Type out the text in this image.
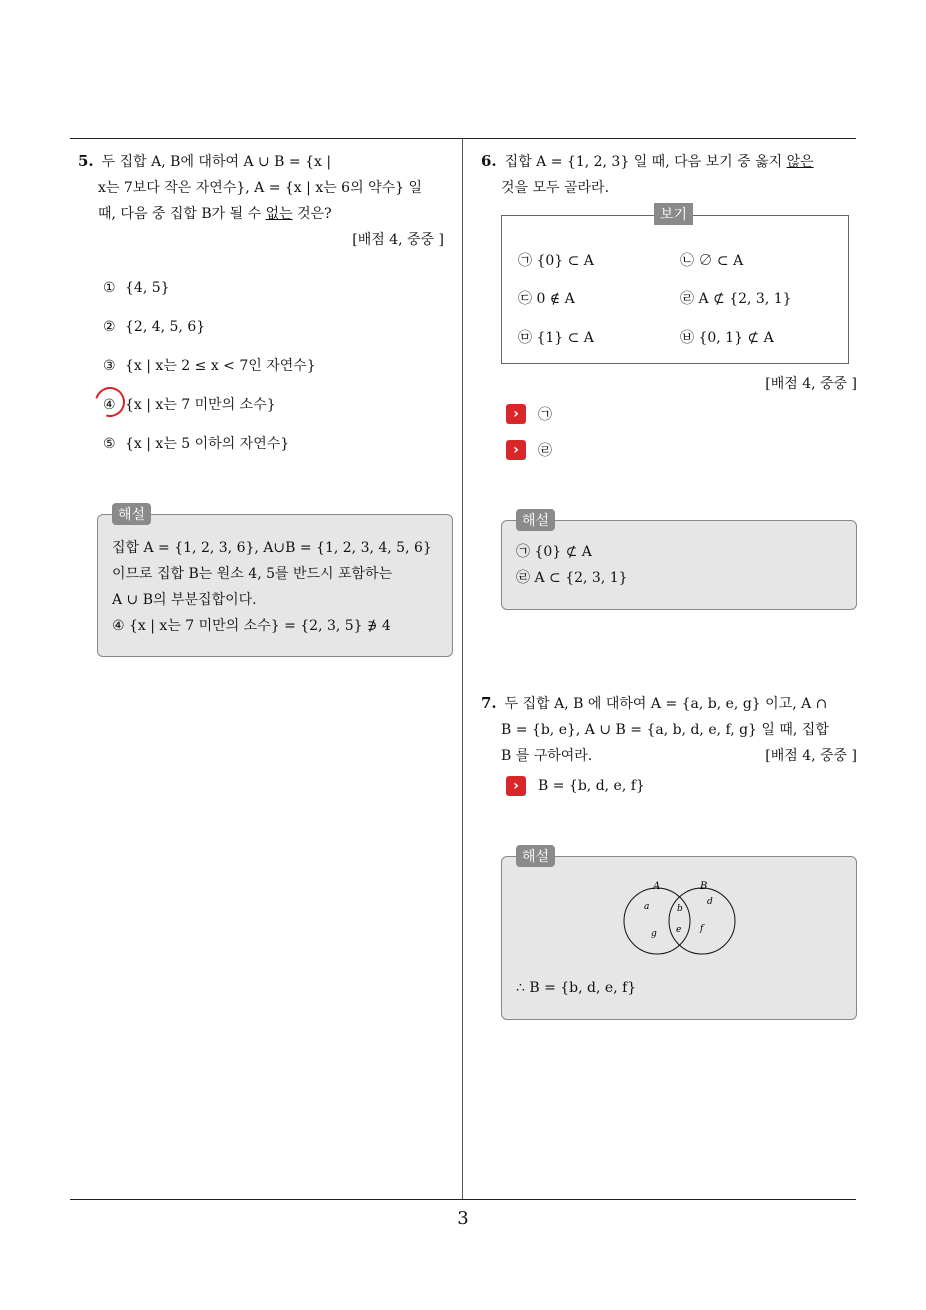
3
5. 두 집합 A, B에 대하여 A ∪ B = {x |
x는 7보다 작은 자연수}, A = {x | x는 6의 약수} 일
때, 다음 중 집합 B가 될 수 없는 것은?
[배점 4, 중중 ]
① {4, 5}
② {2, 4, 5, 6}
③ {x | x는 2 ≤ x < 7인 자연수}
④ {x | x는 7 미만의 소수}
⑤ {x | x는 5 이하의 자연수}
집합 A = {1, 2, 3, 6}, A∪B = {1, 2, 3, 4, 5, 6}
이므로 집합 B는 원소 4, 5를 반드시 포함하는
A ∪ B의 부분집합이다.
④ {x | x는 7 미만의 소수} = {2, 3, 5} ∌ 4
해설
6. 집합 A = {1, 2, 3} 일 때, 다음 보기 중 옳지 않은
것을 모두 골라라.
㉠ {0} ⊂ A	㉡ ∅ ⊂ A
㉢ 0 ∉ A	㉣ A ⊄ {2, 3, 1}
㉤ {1} ⊂ A	㉥ {0, 1} ⊄ A
보기
[배점 4, 중중 ]
›	㉠
›	㉣
㉠ {0} ⊄ A
㉣ A ⊂ {2, 3, 1}
해설
7. 두 집합 A, B 에 대하여 A = {a, b, e, g} 이고, A ∩
B = {b, e}, A ∪ B = {a, b, d, e, f, g} 일 때, 집합
B 를 구하여라.	[배점 4, 중중 ]
›	B = {b, d, e, f}
A	B
a
g
b
e
d
f
∴ B = {b, d, e, f}
해설
